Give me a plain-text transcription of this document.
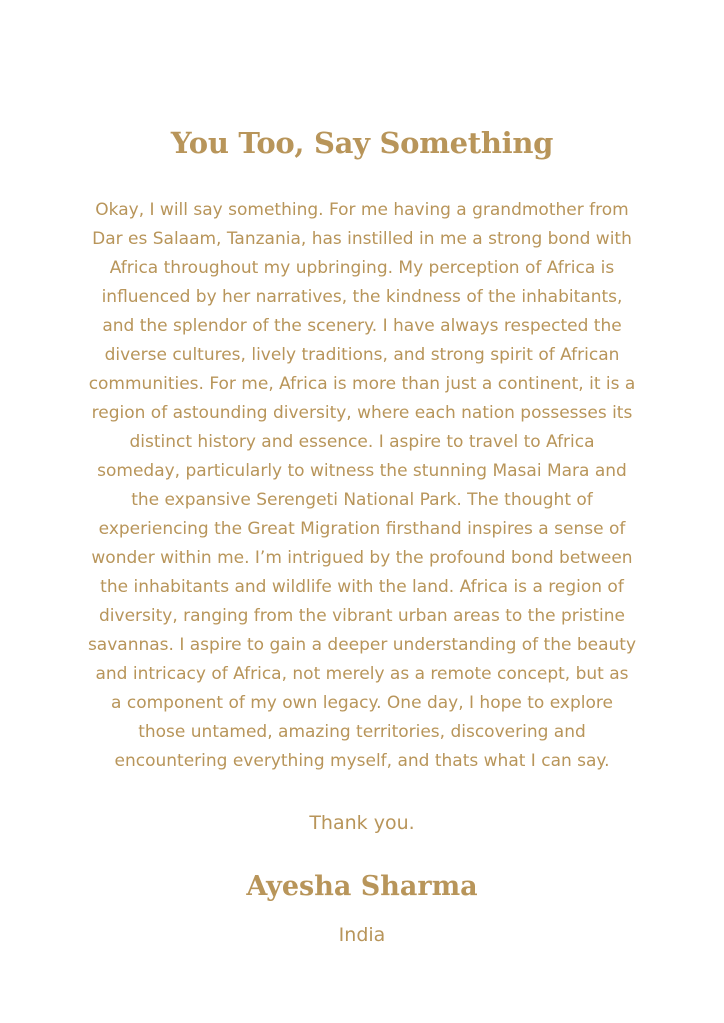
You Too, Say Something

Okay, I will say something. For me having a grandmother from
Dar es Salaam, Tanzania, has instilled in me a strong bond with
Africa throughout my upbringing. My perception of Africa is
influenced by her narratives, the kindness of the inhabitants,
and the splendor of the scenery. I have always respected the
diverse cultures, lively traditions, and strong spirit of African
communities. For me, Africa is more than just a continent, it is a
region of astounding diversity, where each nation possesses its
distinct history and essence. I aspire to travel to Africa
someday, particularly to witness the stunning Masai Mara and
the expansive Serengeti National Park. The thought of
experiencing the Great Migration firsthand inspires a sense of
wonder within me. I’m intrigued by the profound bond between
the inhabitants and wildlife with the land. Africa is a region of
diversity, ranging from the vibrant urban areas to the pristine
savannas. I aspire to gain a deeper understanding of the beauty
and intricacy of Africa, not merely as a remote concept, but as
a component of my own legacy. One day, I hope to explore
those untamed, amazing territories, discovering and
encountering everything myself, and thats what I can say.

Thank you.

Ayesha Sharma

India
